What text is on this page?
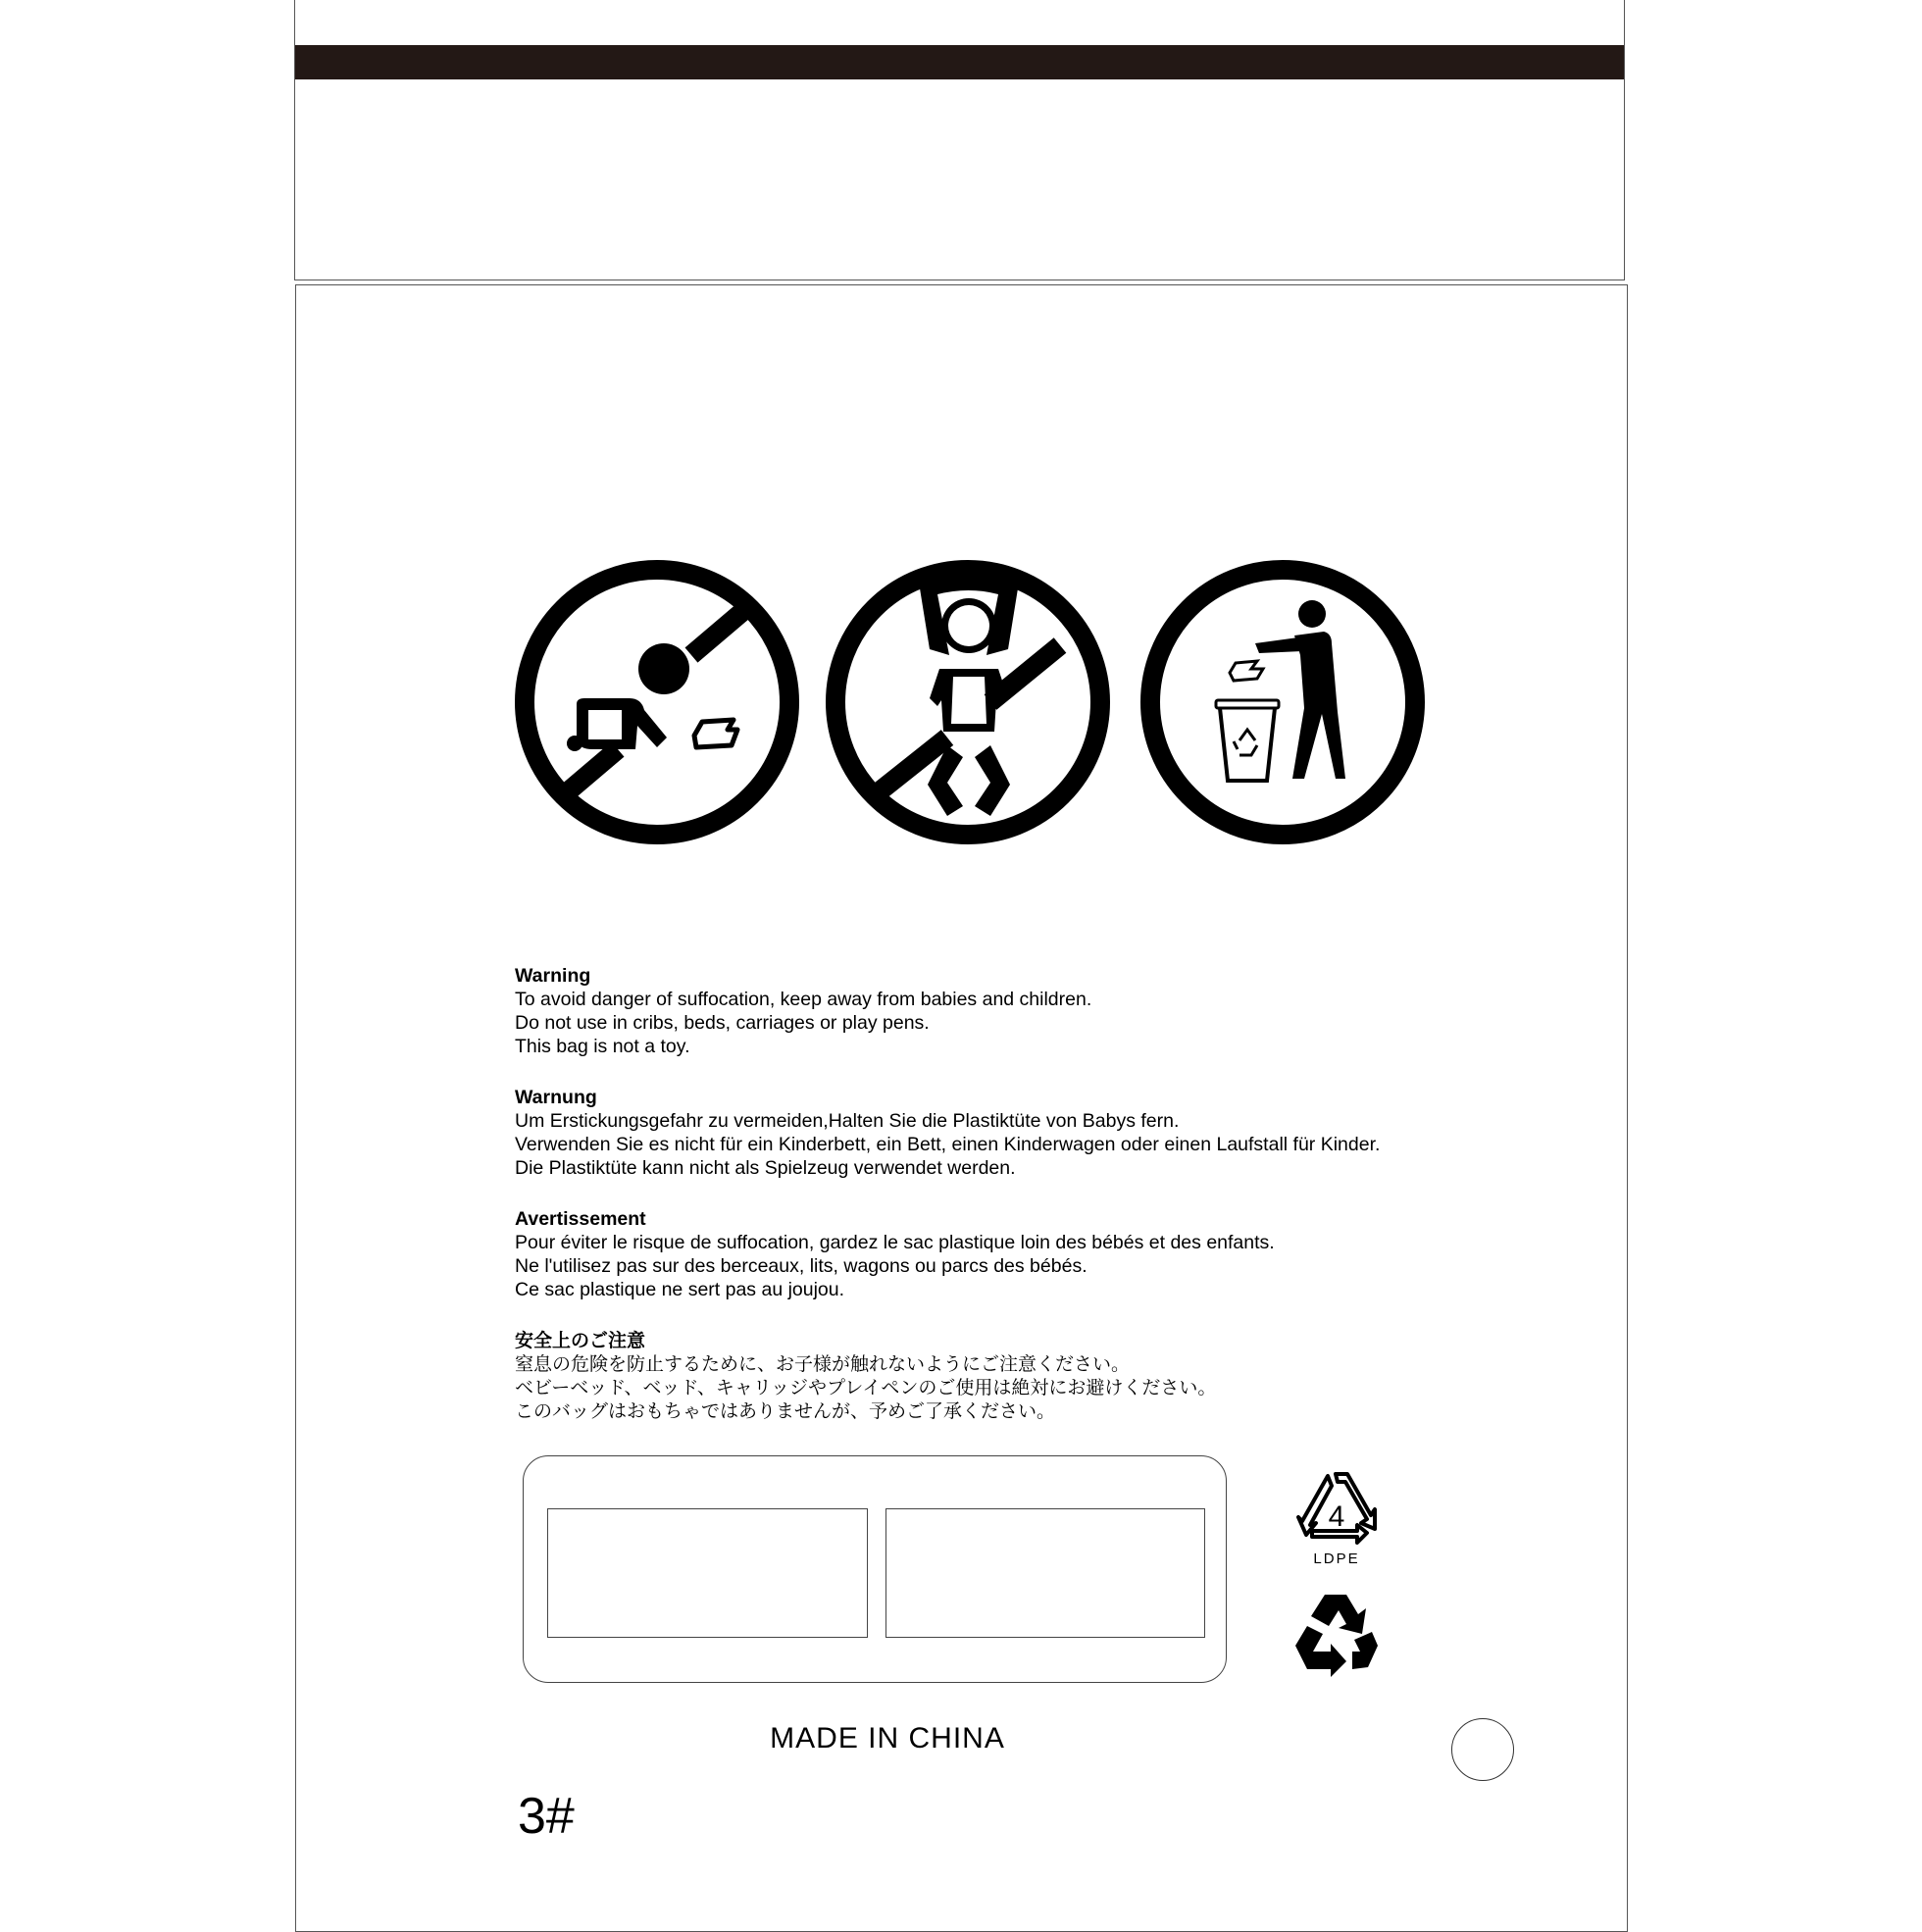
Warning
To avoid danger of suffocation, keep away from babies and children.
Do not use in cribs, beds, carriages or play pens.
This bag is not a toy.
Warnung
Um Erstickungsgefahr zu vermeiden,Halten Sie die Plastiktüte von Babys fern.
Verwenden Sie es nicht für ein Kinderbett, ein Bett, einen Kinderwagen oder einen Laufstall für Kinder.
Die Plastiktüte kann nicht als Spielzeug verwendet werden.
Avertissement
Pour éviter le risque de suffocation, gardez le sac plastique loin des bébés et des enfants.
Ne l'utilisez pas sur des berceaux, lits, wagons ou parcs des bébés.
Ce sac plastique ne sert pas au joujou.
安全上のご注意
窒息の危険を防止するために、お子様が触れないようにご注意ください。
ベビーベッド、ベッド、キャリッジやプレイペンのご使用は絶対にお避けください。
このバッグはおもちゃではありませんが、予めご了承ください。
4
LDPE
MADE IN CHINA
3#
